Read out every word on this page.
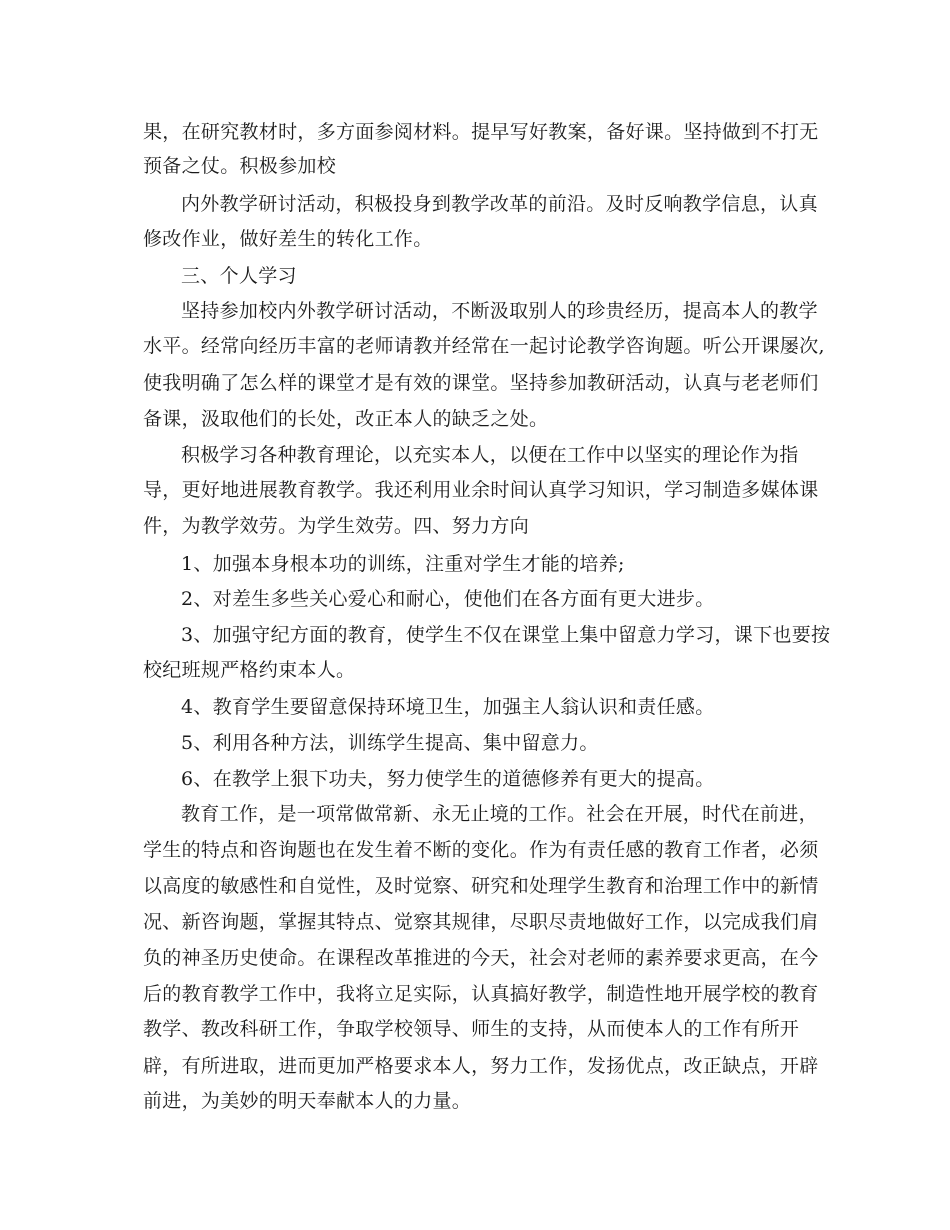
果，在研究教材时，多方面参阅材料。提早写好教案，备好课。坚持做到不打无
预备之仗。积极参加校
内外教学研讨活动，积极投身到教学改革的前沿。及时反响教学信息，认真
修改作业，做好差生的转化工作。
三、个人学习
坚持参加校内外教学研讨活动，不断汲取别人的珍贵经历，提高本人的教学
水平。经常向经历丰富的老师请教并经常在一起讨论教学咨询题。听公开课屡次,
使我明确了怎么样的课堂才是有效的课堂。坚持参加教研活动，认真与老老师们
备课，汲取他们的长处，改正本人的缺乏之处。
积极学习各种教育理论，以充实本人，以便在工作中以坚实的理论作为指
导，更好地进展教育教学。我还利用业余时间认真学习知识，学习制造多媒体课
件，为教学效劳。为学生效劳。四、努力方向
1、加强本身根本功的训练，注重对学生才能的培养;
2、对差生多些关心爱心和耐心，使他们在各方面有更大进步。
3、加强守纪方面的教育，使学生不仅在课堂上集中留意力学习，课下也要按
校纪班规严格约束本人。
4、教育学生要留意保持环境卫生，加强主人翁认识和责任感。
5、利用各种方法，训练学生提高、集中留意力。
6、在教学上狠下功夫，努力使学生的道德修养有更大的提高。
教育工作，是一项常做常新、永无止境的工作。社会在开展，时代在前进，
学生的特点和咨询题也在发生着不断的变化。作为有责任感的教育工作者，必须
以高度的敏感性和自觉性，及时觉察、研究和处理学生教育和治理工作中的新情
况、新咨询题，掌握其特点、觉察其规律，尽职尽责地做好工作，以完成我们肩
负的神圣历史使命。在课程改革推进的今天，社会对老师的素养要求更高，在今
后的教育教学工作中，我将立足实际，认真搞好教学，制造性地开展学校的教育
教学、教改科研工作，争取学校领导、师生的支持，从而使本人的工作有所开
辟，有所进取，进而更加严格要求本人，努力工作，发扬优点，改正缺点，开辟
前进，为美妙的明天奉献本人的力量。
